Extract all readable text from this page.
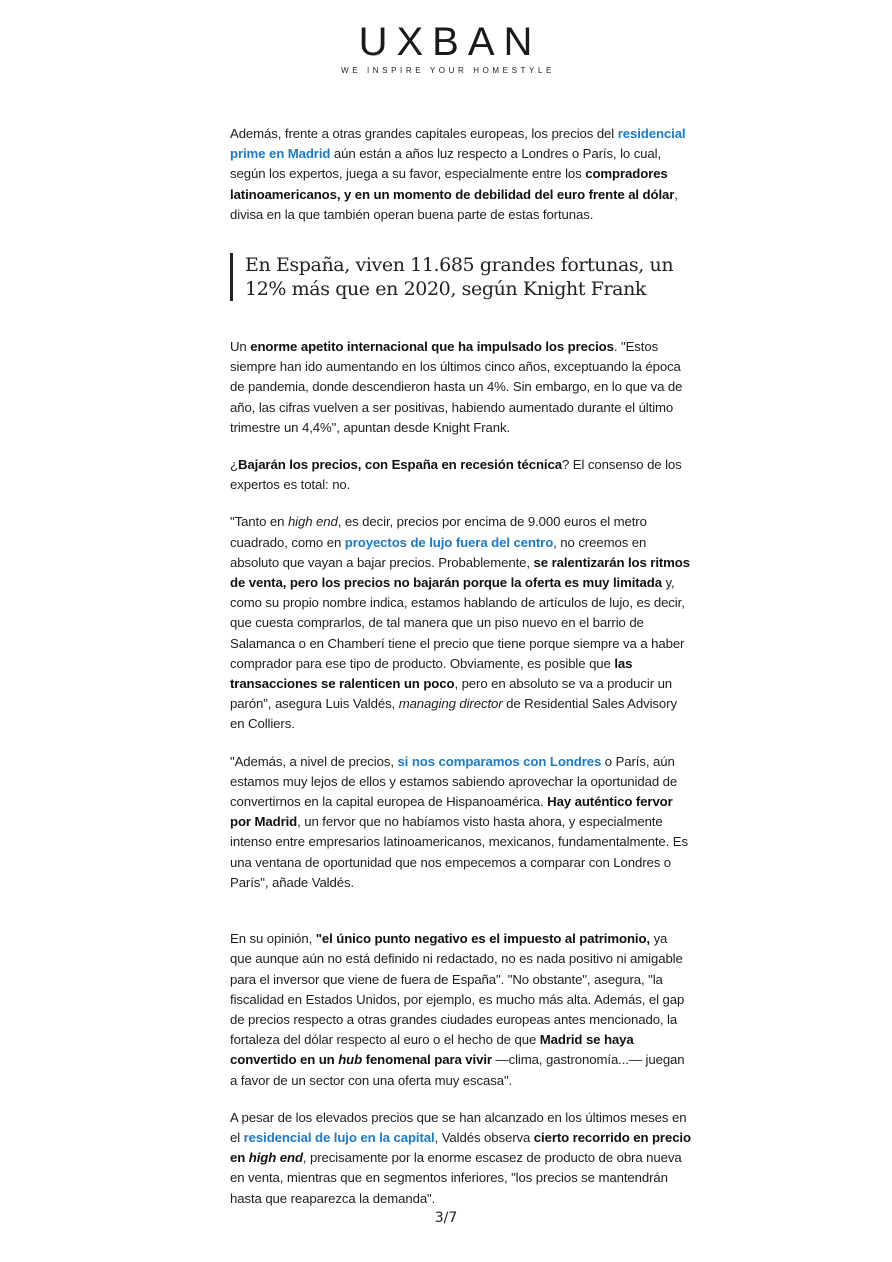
UXBAN
WE INSPIRE YOUR HOMESTYLE

Además, frente a otras grandes capitales europeas, los precios del residencial prime en Madrid aún están a años luz respecto a Londres o París, lo cual, según los expertos, juega a su favor, especialmente entre los compradores latinoamericanos, y en un momento de debilidad del euro frente al dólar, divisa en la que también operan buena parte de estas fortunas.

En España, viven 11.685 grandes fortunas, un 12% más que en 2020, según Knight Frank

Un enorme apetito internacional que ha impulsado los precios. "Estos siempre han ido aumentando en los últimos cinco años, exceptuando la época de pandemia, donde descendieron hasta un 4%. Sin embargo, en lo que va de año, las cifras vuelven a ser positivas, habiendo aumentado durante el último trimestre un 4,4%", apuntan desde Knight Frank.

¿Bajarán los precios, con España en recesión técnica? El consenso de los expertos es total: no.

"Tanto en high end, es decir, precios por encima de 9.000 euros el metro cuadrado, como en proyectos de lujo fuera del centro, no creemos en absoluto que vayan a bajar precios. Probablemente, se ralentizarán los ritmos de venta, pero los precios no bajarán porque la oferta es muy limitada y, como su propio nombre indica, estamos hablando de artículos de lujo, es decir, que cuesta comprarlos, de tal manera que un piso nuevo en el barrio de Salamanca o en Chamberí tiene el precio que tiene porque siempre va a haber comprador para ese tipo de producto. Obviamente, es posible que las transacciones se ralenticen un poco, pero en absoluto se va a producir un parón", asegura Luis Valdés, managing director de Residential Sales Advisory en Colliers.

"Además, a nivel de precios, si nos comparamos con Londres o París, aún estamos muy lejos de ellos y estamos sabiendo aprovechar la oportunidad de convertirnos en la capital europea de Hispanoamérica. Hay auténtico fervor por Madrid, un fervor que no habíamos visto hasta ahora, y especialmente intenso entre empresarios latinoamericanos, mexicanos, fundamentalmente. Es una ventana de oportunidad que nos empecemos a comparar con Londres o París", añade Valdés.

En su opinión, "el único punto negativo es el impuesto al patrimonio, ya que aunque aún no está definido ni redactado, no es nada positivo ni amigable para el inversor que viene de fuera de España". "No obstante", asegura, "la fiscalidad en Estados Unidos, por ejemplo, es mucho más alta. Además, el gap de precios respecto a otras grandes ciudades europeas antes mencionado, la fortaleza del dólar respecto al euro o el hecho de que Madrid se haya convertido en un hub fenomenal para vivir —clima, gastronomía...— juegan a favor de un sector con una oferta muy escasa".

A pesar de los elevados precios que se han alcanzado en los últimos meses en el residencial de lujo en la capital, Valdés observa cierto recorrido en precio en high end, precisamente por la enorme escasez de producto de obra nueva en venta, mientras que en segmentos inferiores, "los precios se mantendrán hasta que reaparezca la demanda".

3/7
